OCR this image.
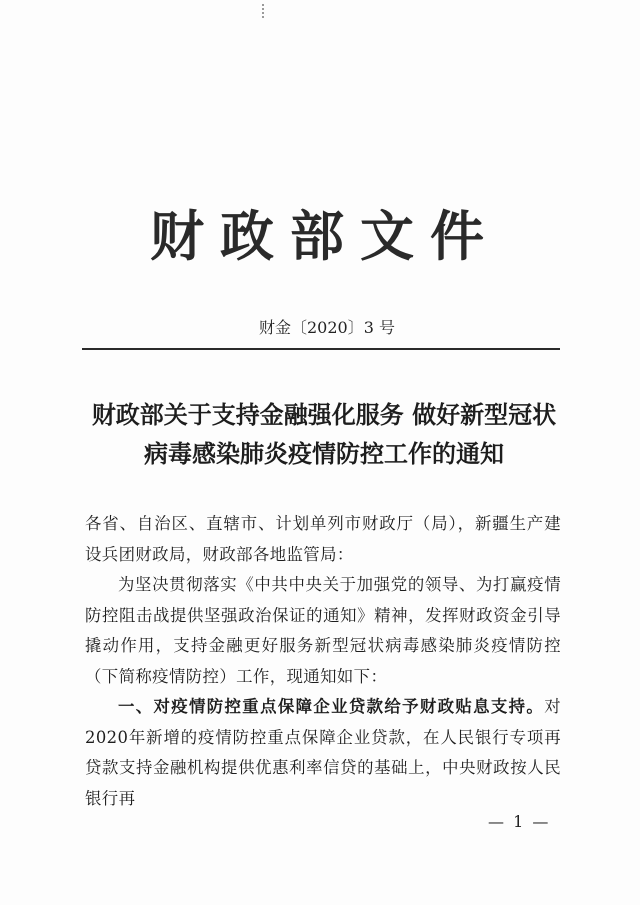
财政部文件
财金〔2020〕3 号
财政部关于支持金融强化服务 做好新型冠状
病毒感染肺炎疫情防控工作的通知

各省、自治区、直辖市、计划单列市财政厅（局），新疆生产建设兵团财政局，财政部各地监管局：

为坚决贯彻落实《中共中央关于加强党的领导、为打赢疫情防控阻击战提供坚强政治保证的通知》精神，发挥财政资金引导撬动作用，支持金融更好服务新型冠状病毒感染肺炎疫情防控（下简称疫情防控）工作，现通知如下：

一、对疫情防控重点保障企业贷款给予财政贴息支持。对2020年新增的疫情防控重点保障企业贷款，在人民银行专项再贷款支持金融机构提供优惠利率信贷的基础上，中央财政按人民银行再

— 1 —
